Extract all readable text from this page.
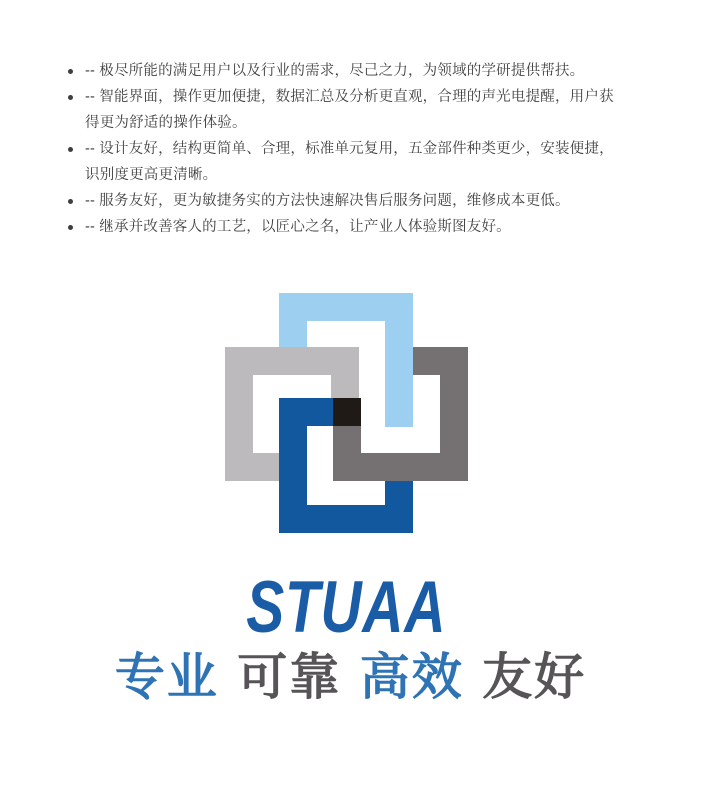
-- 极尽所能的满足用户以及行业的需求，尽己之力，为领域的学研提供帮扶。
-- 智能界面，操作更加便捷，数据汇总及分析更直观，合理的声光电提醒，用户获得更为舒适的操作体验。
-- 设计友好，结构更简单、合理，标准单元复用，五金部件种类更少，安装便捷，识别度更高更清晰。
-- 服务友好，更为敏捷务实的方法快速解决售后服务问题，维修成本更低。
-- 继承并改善客人的工艺，以匠心之名，让产业人体验斯图友好。
STUAA
专业 可靠 高效 友好
